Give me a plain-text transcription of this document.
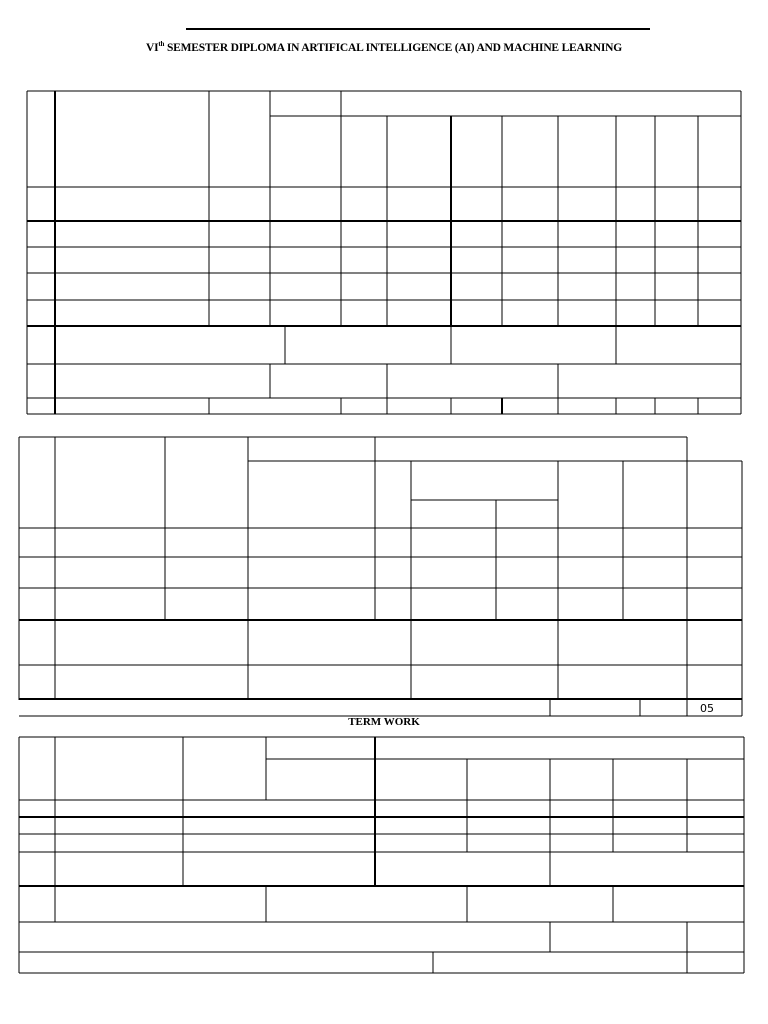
VIth SEMESTER DIPLOMA IN ARTIFICAL INTELLIGENCE (AI) AND MACHINE LEARNING
05
TERM WORK
